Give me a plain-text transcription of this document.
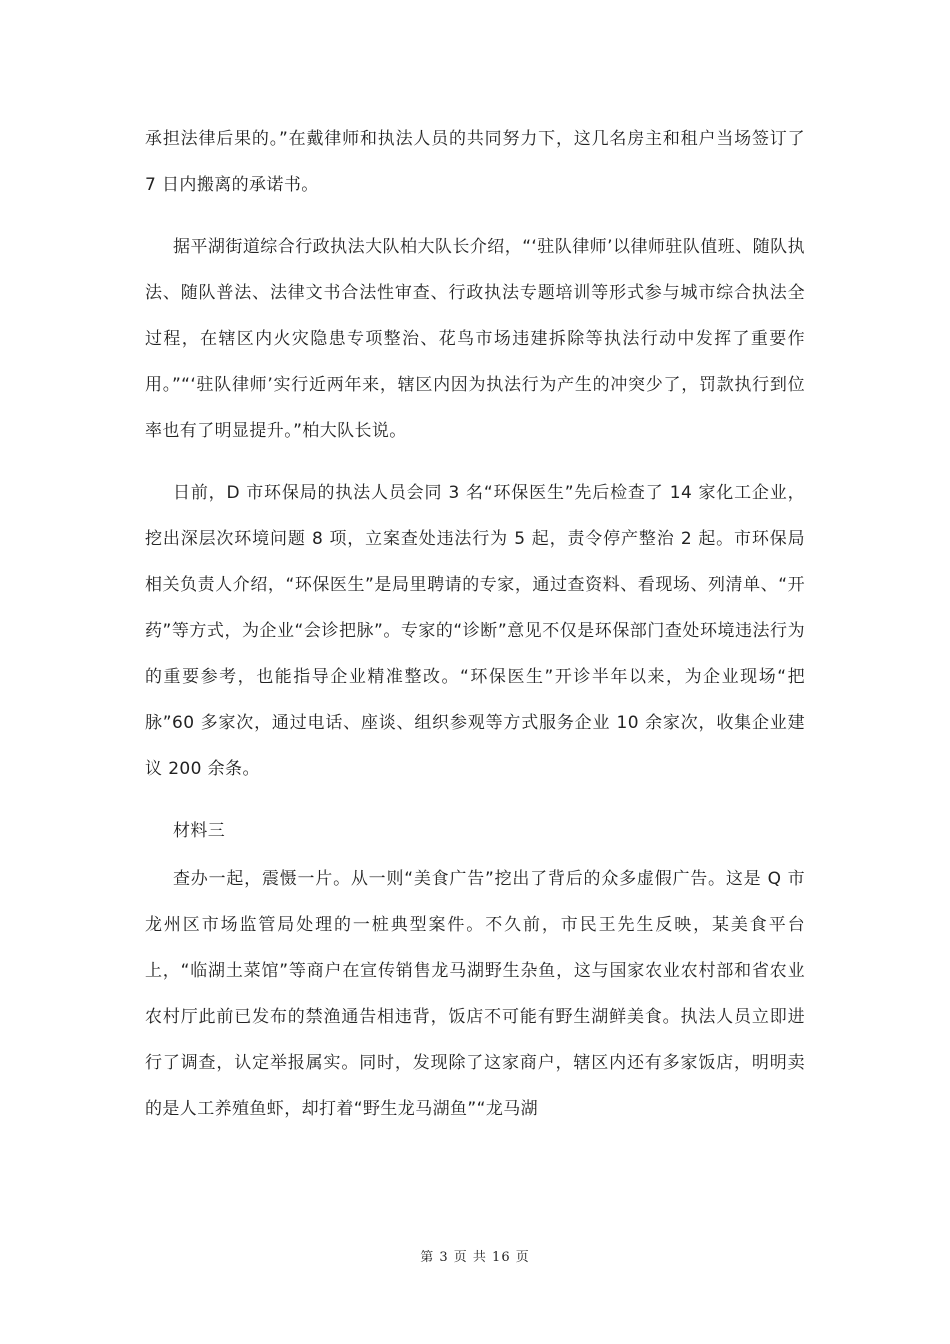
承担法律后果的。”在戴律师和执法人员的共同努力下，这几名房主和租户当场签订了 7 日内搬离的承诺书。

据平湖街道综合行政执法大队柏大队长介绍，“‘驻队律师’以律师驻队值班、随队执法、随队普法、法律文书合法性审查、行政执法专题培训等形式参与城市综合执法全过程，在辖区内火灾隐患专项整治、花鸟市场违建拆除等执法行动中发挥了重要作用。”“‘驻队律师’实行近两年来，辖区内因为执法行为产生的冲突少了，罚款执行到位率也有了明显提升。”柏大队长说。

日前，D 市环保局的执法人员会同 3 名“环保医生”先后检查了 14 家化工企业，挖出深层次环境问题 8 项，立案查处违法行为 5 起，责令停产整治 2 起。市环保局相关负责人介绍，“环保医生”是局里聘请的专家，通过查资料、看现场、列清单、“开药”等方式，为企业“会诊把脉”。专家的“诊断”意见不仅是环保部门查处环境违法行为的重要参考，也能指导企业精准整改。“环保医生”开诊半年以来，为企业现场“把脉”60 多家次，通过电话、座谈、组织参观等方式服务企业 10 余家次，收集企业建议 200 余条。

材料三

查办一起，震慑一片。从一则“美食广告”挖出了背后的众多虚假广告。这是 Q 市龙州区市场监管局处理的一桩典型案件。不久前，市民王先生反映，某美食平台上，“临湖土菜馆”等商户在宣传销售龙马湖野生杂鱼，这与国家农业农村部和省农业农村厅此前已发布的禁渔通告相违背，饭店不可能有野生湖鲜美食。执法人员立即进行了调查，认定举报属实。同时，发现除了这家商户，辖区内还有多家饭店，明明卖的是人工养殖鱼虾，却打着“野生龙马湖鱼”“龙马湖

第 3 页 共 16 页
